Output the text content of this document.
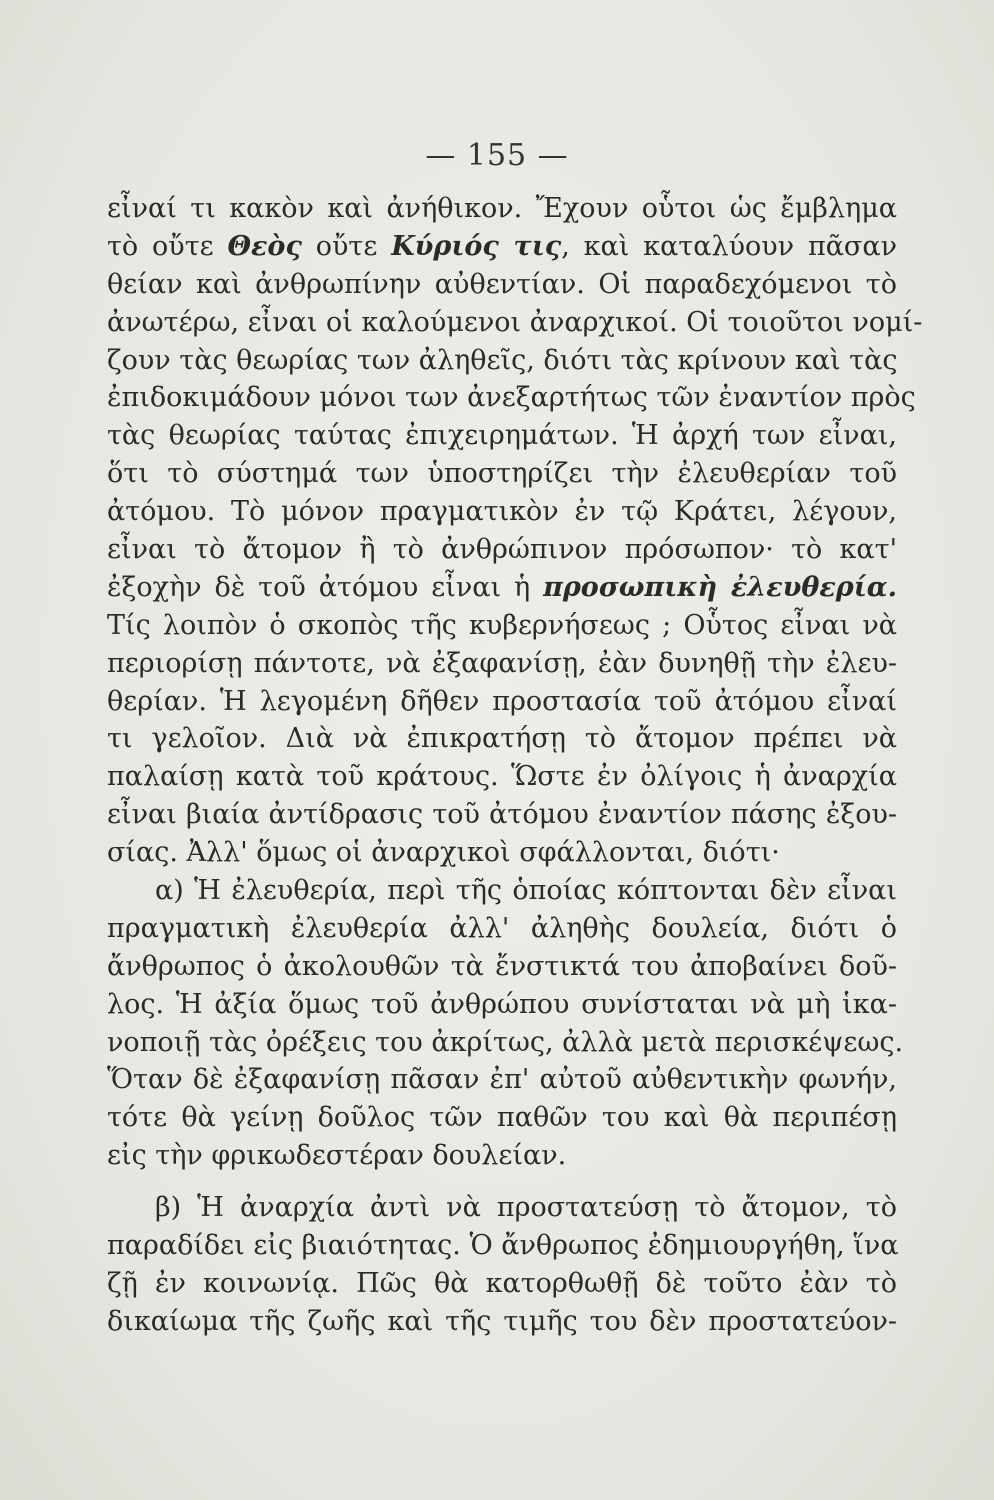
— 155 —
εἶναί τι κακὸν καὶ ἀνήθικον. Ἔχουν οὗτοι ὡς ἔμβλημα
τὸ οὔτε Θεὸς οὔτε Κύριός τις, καὶ καταλύουν πᾶσαν
θείαν καὶ ἀνθρωπίνην αὐθεντίαν. Οἱ παραδεχόμενοι τὸ
ἀνωτέρω, εἶναι οἱ καλούμενοι ἀναρχικοί. Οἱ τοιοῦτοι νομί-
ζουν τὰς θεωρίας των ἀληθεῖς, διότι τὰς κρίνουν καὶ τὰς
ἐπιδοκιμάδουν μόνοι των ἀνεξαρτήτως τῶν ἐναντίον πρὸς
τὰς θεωρίας ταύτας ἐπιχειρημάτων. Ἡ ἀρχή των εἶναι,
ὅτι τὸ σύστημά των ὑποστηρίζει τὴν ἐλευθερίαν τοῦ
ἀτόμου. Τὸ μόνον πραγματικὸν ἐν τῷ Κράτει, λέγουν,
εἶναι τὸ ἄτομον ἢ τὸ ἀνθρώπινον πρόσωπον· τὸ κατ'
ἐξοχὴν δὲ τοῦ ἀτόμου εἶναι ἡ προσωπικὴ ἐλευθερία.
Τίς λοιπὸν ὁ σκοπὸς τῆς κυβερνήσεως ; Οὗτος εἶναι νὰ
περιορίσῃ πάντοτε, νὰ ἐξαφανίσῃ, ἐὰν δυνηθῇ τὴν ἐλευ-
θερίαν. Ἡ λεγομένη δῆθεν προστασία τοῦ ἀτόμου εἶναί
τι γελοῖον. Διὰ νὰ ἐπικρατήσῃ τὸ ἄτομον πρέπει νὰ
παλαίσῃ κατὰ τοῦ κράτους. Ὥστε ἐν ὀλίγοις ἡ ἀναρχία
εἶναι βιαία ἀντίδρασις τοῦ ἀτόμου ἐναντίον πάσης ἐξου-
σίας. Ἀλλ' ὅμως οἱ ἀναρχικοὶ σφάλλονται, διότι·
α) Ἡ ἐλευθερία, περὶ τῆς ὁποίας κόπτονται δὲν εἶναι
πραγματικὴ ἐλευθερία ἀλλ' ἀληθὴς δουλεία, διότι ὁ
ἄνθρωπος ὁ ἀκολουθῶν τὰ ἔνστικτά του ἀποβαίνει δοῦ-
λος. Ἡ ἀξία ὅμως τοῦ ἀνθρώπου συνίσταται νὰ μὴ ἱκα-
νοποιῇ τὰς ὀρέξεις του ἀκρίτως, ἀλλὰ μετὰ περισκέψεως.
Ὅταν δὲ ἐξαφανίσῃ πᾶσαν ἐπ' αὐτοῦ αὐθεντικὴν φωνήν,
τότε θὰ γείνῃ δοῦλος τῶν παθῶν του καὶ θὰ περιπέσῃ
εἰς τὴν φρικωδεστέραν δουλείαν.
β) Ἡ ἀναρχία ἀντὶ νὰ προστατεύσῃ τὸ ἄτομον, τὸ
παραδίδει εἰς βιαιότητας. Ὁ ἄνθρωπος ἐδημιουργήθη, ἵνα
ζῇ ἐν κοινωνίᾳ. Πῶς θὰ κατορθωθῇ δὲ τοῦτο ἐὰν τὸ
δικαίωμα τῆς ζωῆς καὶ τῆς τιμῆς του δὲν προστατεύον-
